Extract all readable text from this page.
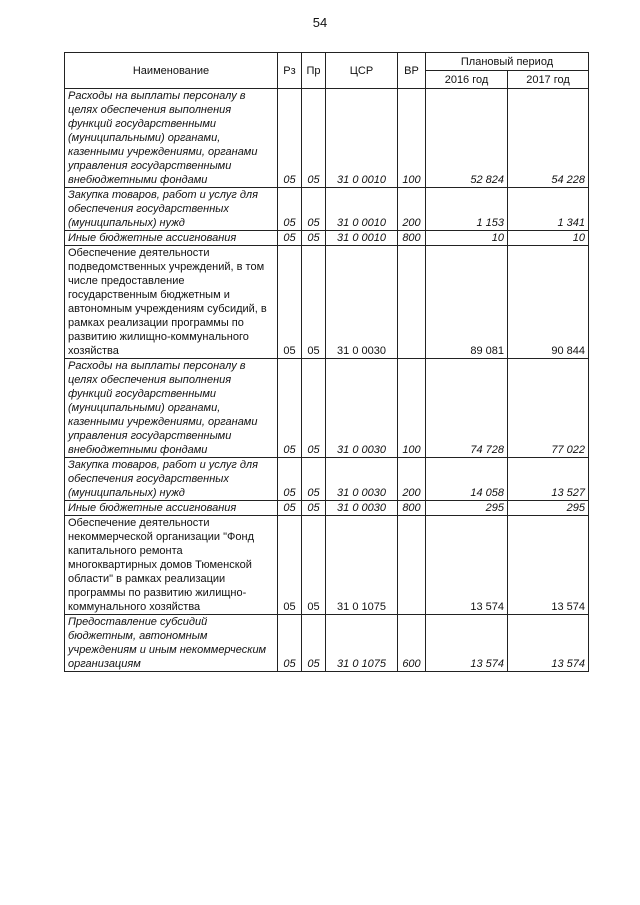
54
Наименование	Рз	Пр	ЦСР	ВР	Плановый период	
					2016 год	2017 год
Расходы на выплаты персоналу в целях обеспечения выполнения функций государственными (муниципальными) органами, казенными учреждениями, органами управления государственными внебюджетными фондами	05	05	31 0 0010	100	52 824	54 228
Закупка товаров, работ и услуг для обеспечения государственных (муниципальных) нужд	05	05	31 0 0010	200	1 153	1 341
Иные бюджетные ассигнования	05	05	31 0 0010	800	10	10
Обеспечение деятельности подведомственных учреждений, в том числе предоставление государственным бюджетным и автономным учреждениям субсидий, в рамках реализации программы по развитию жилищно-коммунального хозяйства	05	05	31 0 0030		89 081	90 844
Расходы на выплаты персоналу в целях обеспечения выполнения функций государственными (муниципальными) органами, казенными учреждениями, органами управления государственными внебюджетными фондами	05	05	31 0 0030	100	74 728	77 022
Закупка товаров, работ и услуг для обеспечения государственных (муниципальных) нужд	05	05	31 0 0030	200	14 058	13 527
Иные бюджетные ассигнования	05	05	31 0 0030	800	295	295
Обеспечение деятельности некоммерческой организации "Фонд капитального ремонта многоквартирных домов Тюменской области" в рамках реализации программы по развитию жилищно-коммунального хозяйства	05	05	31 0 1075		13 574	13 574
Предоставление субсидий бюджетным, автономным учреждениям и иным некоммерческим организациям	05	05	31 0 1075	600	13 574	13 574
